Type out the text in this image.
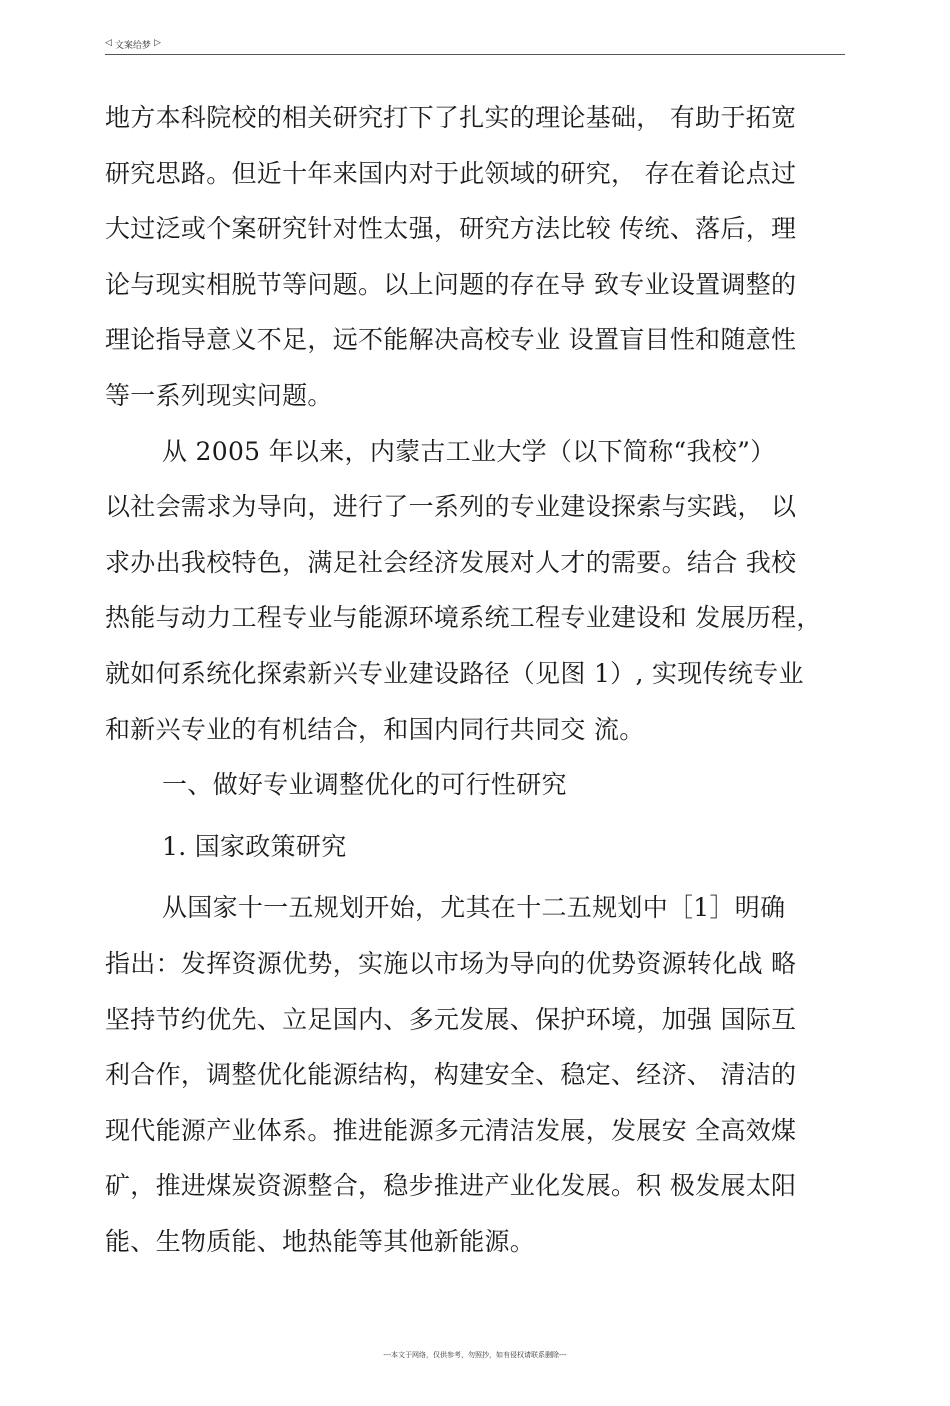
◁ 文案给梦 ▷
地方本科院校的相关研究打下了扎实的理论基础， 有助于拓宽
研究思路。但近十年来国内对于此领域的研究， 存在着论点过
大过泛或个案研究针对性太强，研究方法比较 传统、落后，理
论与现实相脱节等问题。以上问题的存在导 致专业设置调整的
理论指导意义不足，远不能解决高校专业 设置盲目性和随意性
等一系列现实问题。
从 2005 年以来，内蒙古工业大学（以下简称“我校”）
以社会需求为导向，进行了一系列的专业建设探索与实践， 以
求办出我校特色，满足社会经济发展对人才的需要。结合 我校
热能与动力工程专业与能源环境系统工程专业建设和 发展历程，
就如何系统化探索新兴专业建设路径（见图 1）, 实现传统专业
和新兴专业的有机结合，和国内同行共同交 流。
一、做好专业调整优化的可行性研究
1. 国家政策研究
从国家十一五规划开始，尤其在十二五规划中［1］明确
指出：发挥资源优势，实施以市场为导向的优势资源转化战 略
坚持节约优先、立足国内、多元发展、保护环境，加强 国际互
利合作，调整优化能源结构，构建安全、稳定、经济、 清洁的
现代能源产业体系。推进能源多元清洁发展，发展安 全高效煤
矿，推进煤炭资源整合，稳步推进产业化发展。积 极发展太阳
能、生物质能、地热能等其他新能源。
---本文于网络，仅供参考，勿照抄，如有侵权请联系删除---
